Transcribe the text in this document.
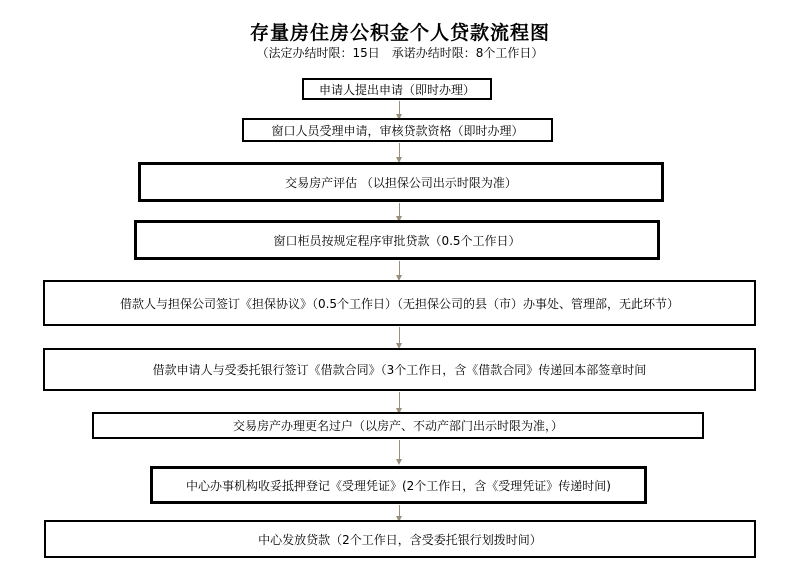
存量房住房公积金个人贷款流程图
（法定办结时限：15日　承诺办结时限：8个工作日）
申请人提出申请（即时办理）
窗口人员受理申请，审核贷款资格（即时办理）
交易房产评估 （以担保公司出示时限为准）
窗口柜员按规定程序审批贷款（0.5个工作日）
借款人与担保公司签订《担保协议》（0.5个工作日）（无担保公司的县（市）办事处、管理部，无此环节）
借款申请人与受委托银行签订《借款合同》（3个工作日，含《借款合同》传递回本部签章时间
交易房产办理更名过户（以房产、不动产部门出示时限为准，）
中心办事机构收妥抵押登记《受理凭证》(2个工作日，含《受理凭证》传递时间)
中心发放贷款（2个工作日，含受委托银行划拨时间）
